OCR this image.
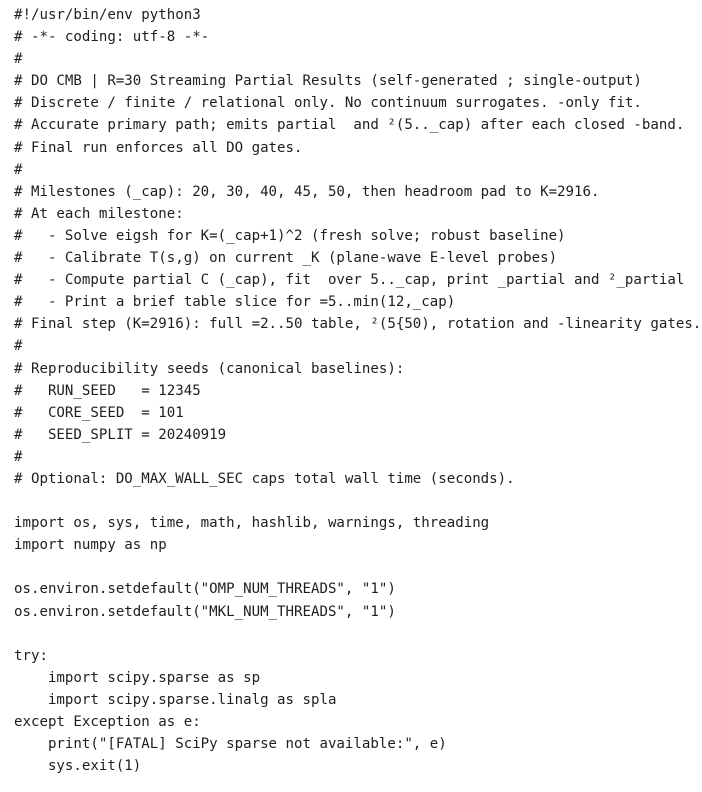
#!/usr/bin/env python3
# -*- coding: utf-8 -*-
#
# DO CMB | R=30 Streaming Partial Results (self-generated ; single-output)
# Discrete / finite / relational only. No continuum surrogates. -only fit.
# Accurate primary path; emits partial  and ²(5.._cap) after each closed -band.
# Final run enforces all DO gates.
#
# Milestones (_cap): 20, 30, 40, 45, 50, then headroom pad to K=2916.
# At each milestone:
#   - Solve eigsh for K=(_cap+1)^2 (fresh solve; robust baseline)
#   - Calibrate T(s,g) on current _K (plane-wave E-level probes)
#   - Compute partial C (_cap), fit  over 5.._cap, print _partial and ²_partial
#   - Print a brief table slice for =5..min(12,_cap)
# Final step (K=2916): full =2..50 table, ²(5{50), rotation and -linearity gates.
#
# Reproducibility seeds (canonical baselines):
#   RUN_SEED   = 12345
#   CORE_SEED  = 101
#   SEED_SPLIT = 20240919
#
# Optional: DO_MAX_WALL_SEC caps total wall time (seconds).
import os, sys, time, math, hashlib, warnings, threading
import numpy as np
os.environ.setdefault("OMP_NUM_THREADS", "1")
os.environ.setdefault("MKL_NUM_THREADS", "1")
try:
import scipy.sparse as sp
import scipy.sparse.linalg as spla
except Exception as e:
print("[FATAL] SciPy sparse not available:", e)
sys.exit(1)
